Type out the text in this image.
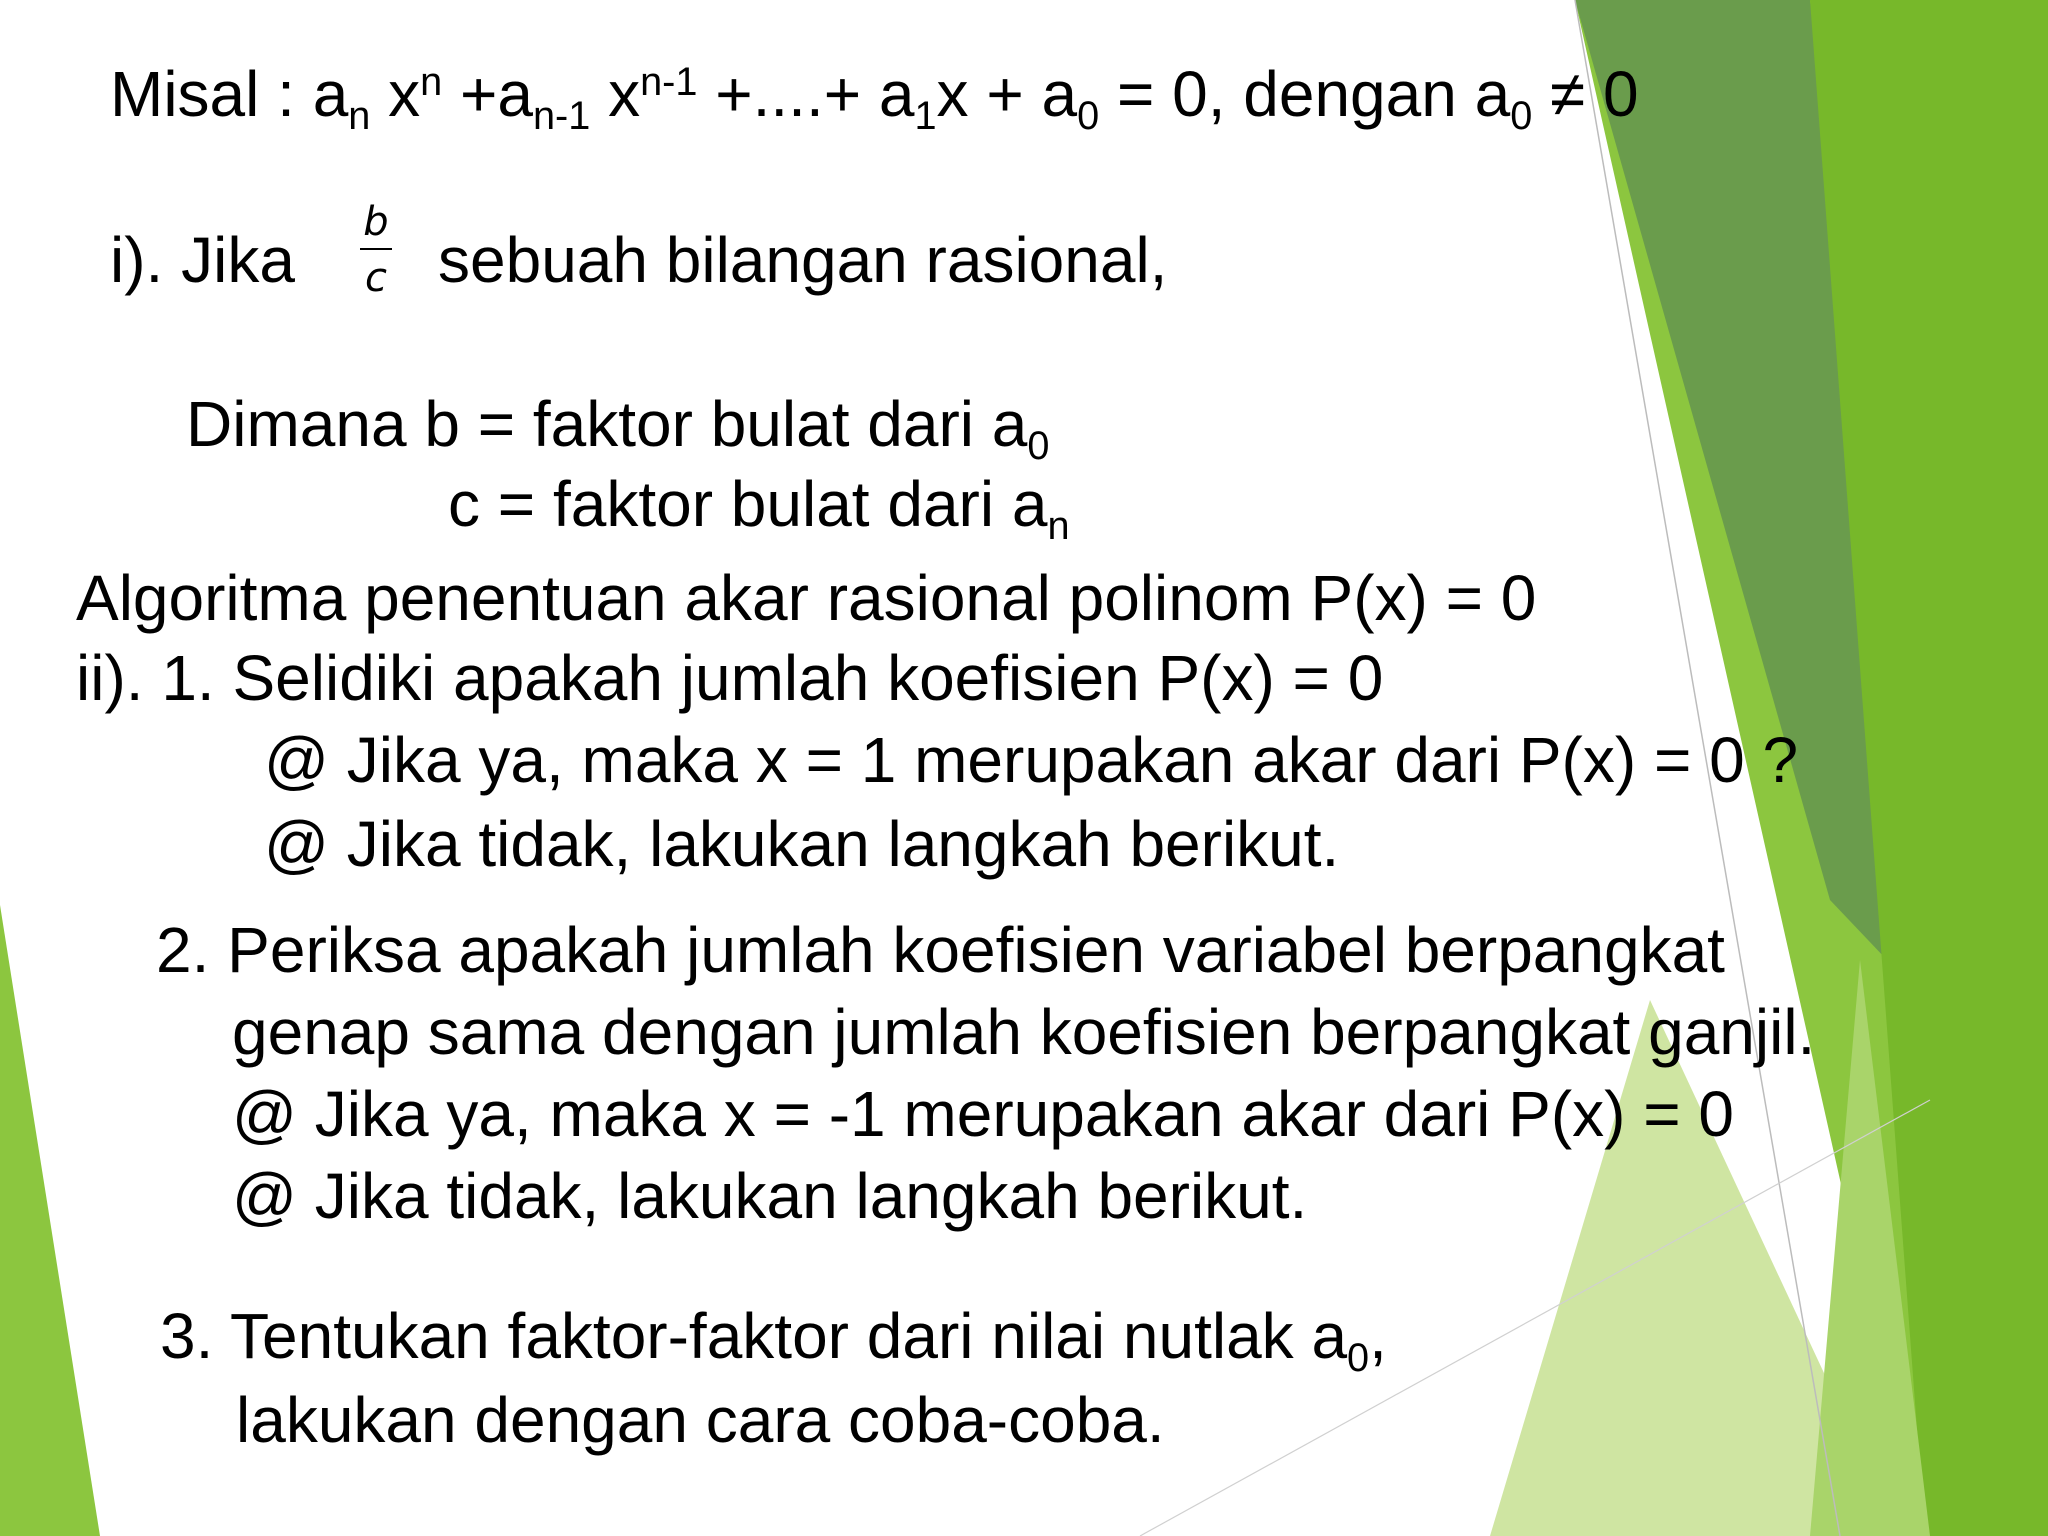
Misal : $a_n$ $x^n +a_{n-1}$ $x^{n-1}$ +....+ $a_1x + a_0 = 0$, dengan $a_0 \ne 0$
i). Jika
b
c sebuah bilangan rasional,
Dimana b = faktor bulat dari $a_0$
c = faktor bulat dari $a_n$
Algoritma penentuan akar rasional polinom P(x) = 0
ii). 1. Selidiki apakah jumlah koefisien P(x) = 0
@ Jika ya, maka x = 1 merupakan akar dari P(x) = 0 ?
@ Jika tidak, lakukan langkah berikut.
2. Periksa apakah jumlah koefisien variabel berpangkat
genap sama dengan jumlah koefisien berpangkat ganjil.
@ Jika ya, maka x = -1 merupakan akar dari P(x) = 0
@ Jika tidak, lakukan langkah berikut.
3. Tentukan faktor-faktor dari nilai nutlak $a_0$,
lakukan dengan cara coba-coba.
